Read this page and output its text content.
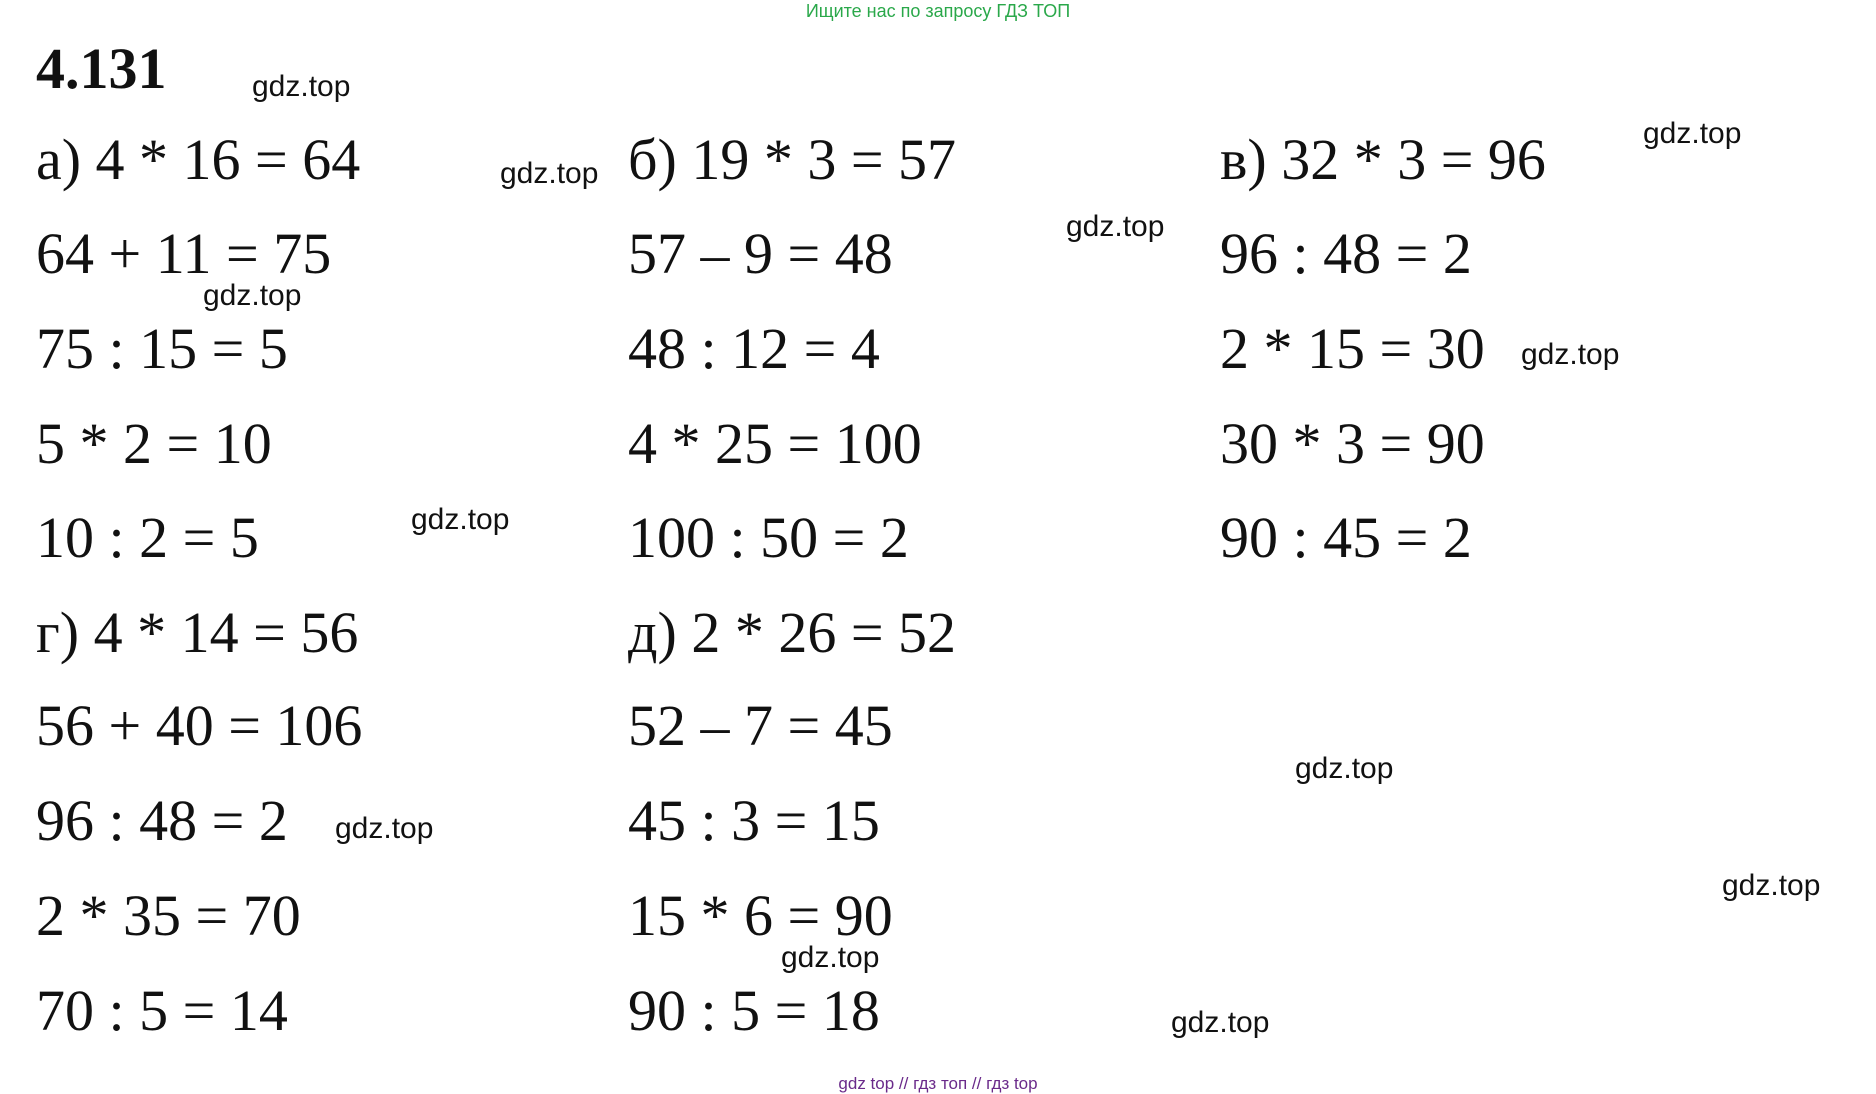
Ищите нас по запросу ГДЗ ТОП
4.131
а) 4 * 16 = 64
64 + 11 = 75
75 : 15 = 5
5 * 2 = 10
10 : 2 = 5
б) 19 * 3 = 57
57 – 9 = 48
48 : 12 = 4
4 * 25 = 100
100 : 50 = 2
в) 32 * 3 = 96
96 : 48 = 2
2 * 15 = 30
30 * 3 = 90
90 : 45 = 2
г) 4 * 14 = 56
56 + 40 = 106
96 : 48 = 2
2 * 35 = 70
70 : 5 = 14
д) 2 * 26 = 52
52 – 7 = 45
45 : 3 = 15
15 * 6 = 90
90 : 5 = 18
gdz.top
gdz.top
gdz.top
gdz.top
gdz.top
gdz.top
gdz.top
gdz.top
gdz.top
gdz.top
gdz.top
gdz.top
gdz top // гдз топ // гдз top
